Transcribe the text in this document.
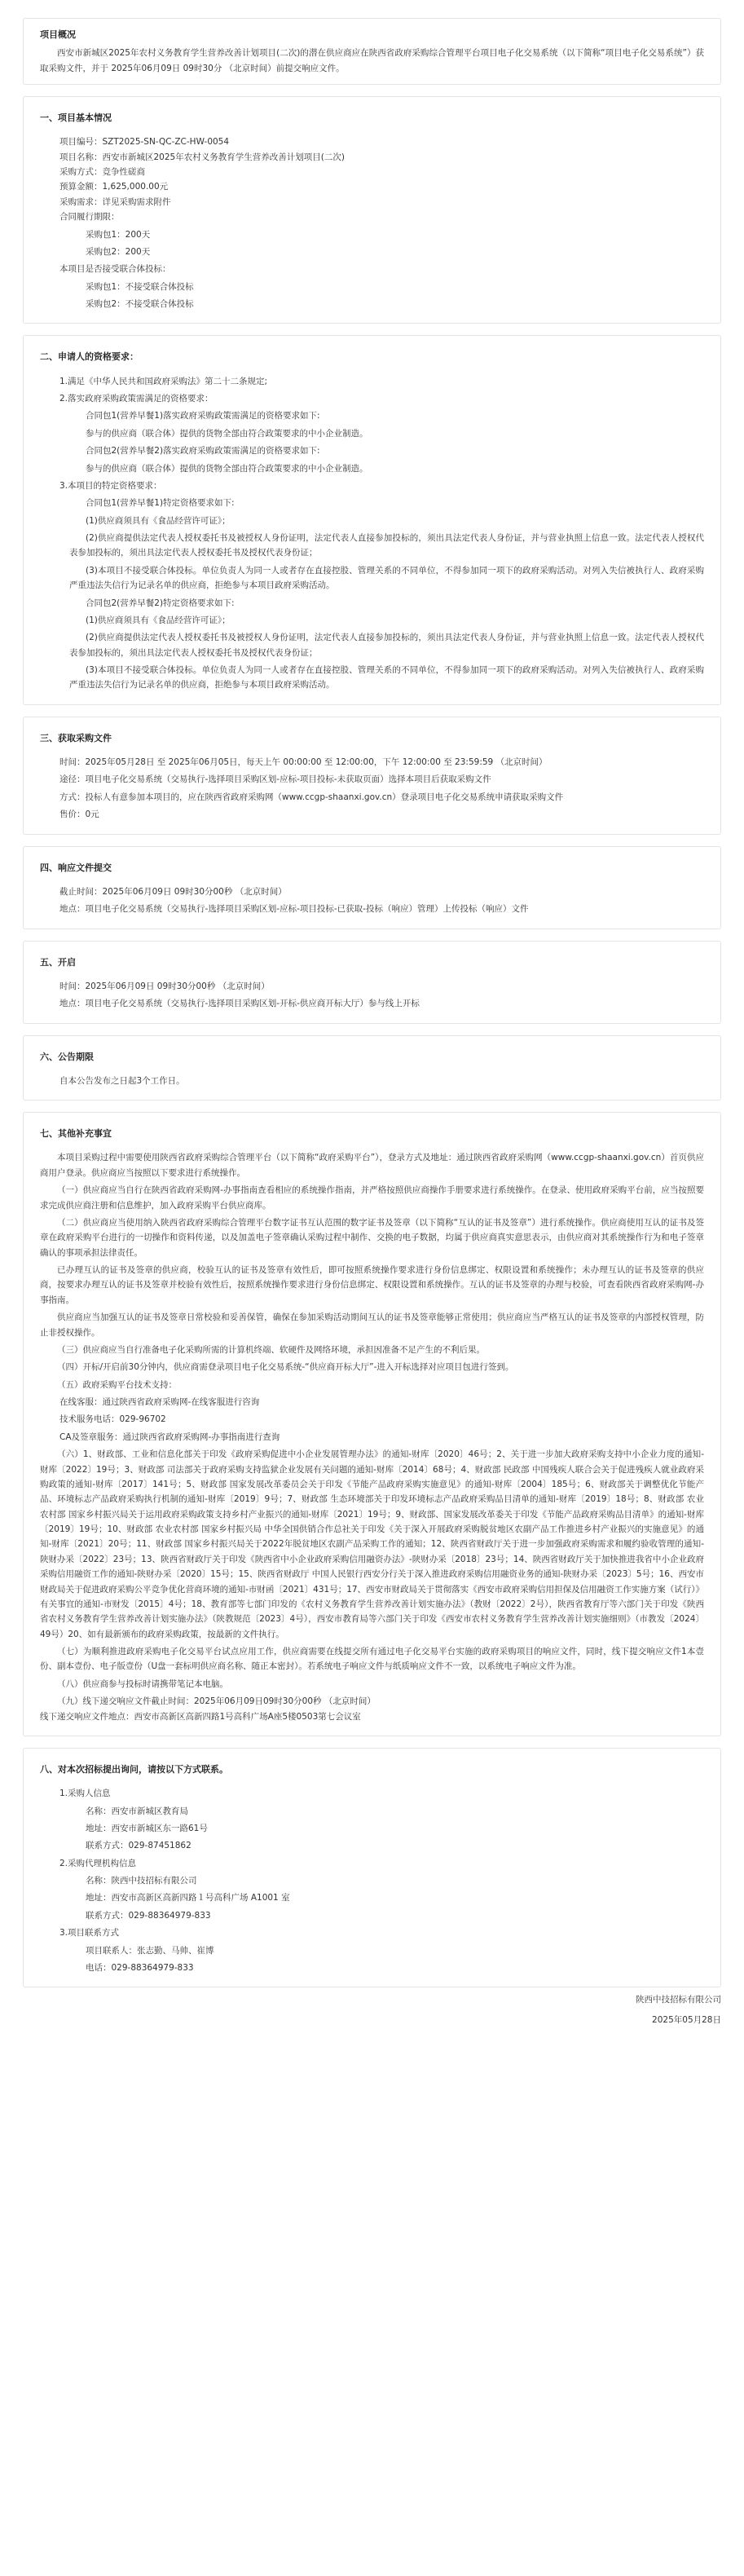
项目概况

西安市新城区2025年农村义务教育学生营养改善计划项目(二次)的潜在供应商应在陕西省政府采购综合管理平台项目电子化交易系统（以下简称“项目电子化交易系统”）获取采购文件，并于 2025年06月09日 09时30分 （北京时间）前提交响应文件。

一、项目基本情况

项目编号：SZT2025-SN-QC-ZC-HW-0054

项目名称：西安市新城区2025年农村义务教育学生营养改善计划项目(二次)

采购方式：竞争性磋商

预算金额：1,625,000.00元

采购需求：详见采购需求附件

合同履行期限：

采购包1：200天

采购包2：200天

本项目是否接受联合体投标：

采购包1：不接受联合体投标

采购包2：不接受联合体投标

二、申请人的资格要求：

1.满足《中华人民共和国政府采购法》第二十二条规定;

2.落实政府采购政策需满足的资格要求：

合同包1(营养早餐1)落实政府采购政策需满足的资格要求如下:

参与的供应商（联合体）提供的货物全部由符合政策要求的中小企业制造。

合同包2(营养早餐2)落实政府采购政策需满足的资格要求如下:

参与的供应商（联合体）提供的货物全部由符合政策要求的中小企业制造。

3.本项目的特定资格要求：

合同包1(营养早餐1)特定资格要求如下:

(1)供应商须具有《食品经营许可证》；

(2)供应商提供法定代表人授权委托书及被授权人身份证明，法定代表人直接参加投标的，须出具法定代表人身份证，并与营业执照上信息一致。法定代表人授权代表参加投标的，须出具法定代表人授权委托书及授权代表身份证；

(3)本项目不接受联合体投标。单位负责人为同一人或者存在直接控股、管理关系的不同单位，不得参加同一项下的政府采购活动。对列入失信被执行人、政府采购严重违法失信行为记录名单的供应商，拒绝参与本项目政府采购活动。

合同包2(营养早餐2)特定资格要求如下:

(1)供应商须具有《食品经营许可证》；

(2)供应商提供法定代表人授权委托书及被授权人身份证明，法定代表人直接参加投标的，须出具法定代表人身份证，并与营业执照上信息一致。法定代表人授权代表参加投标的，须出具法定代表人授权委托书及授权代表身份证；

(3)本项目不接受联合体投标。单位负责人为同一人或者存在直接控股、管理关系的不同单位，不得参加同一项下的政府采购活动。对列入失信被执行人、政府采购严重违法失信行为记录名单的供应商，拒绝参与本项目政府采购活动。

三、获取采购文件

时间：2025年05月28日 至 2025年06月05日，每天上午 00:00:00 至 12:00:00，下午 12:00:00 至 23:59:59 （北京时间）

途径：项目电子化交易系统（交易执行-选择项目采购区划-应标-项目投标-未获取页面）选择本项目后获取采购文件

方式：投标人有意参加本项目的，应在陕西省政府采购网（www.ccgp-shaanxi.gov.cn）登录项目电子化交易系统申请获取采购文件

售价：0元

四、响应文件提交

截止时间：2025年06月09日 09时30分00秒 （北京时间）

地点：项目电子化交易系统（交易执行-选择项目采购区划-应标-项目投标-已获取-投标（响应）管理）上传投标（响应）文件

五、开启

时间：2025年06月09日 09时30分00秒 （北京时间）

地点：项目电子化交易系统（交易执行-选择项目采购区划-开标-供应商开标大厅）参与线上开标

六、公告期限

自本公告发布之日起3个工作日。

七、其他补充事宜

本项目采购过程中需要使用陕西省政府采购综合管理平台（以下简称“政府采购平台”），登录方式及地址：通过陕西省政府采购网（www.ccgp-shaanxi.gov.cn）首页供应商用户登录。供应商应当按照以下要求进行系统操作。

（一）供应商应当自行在陕西省政府采购网-办事指南查看相应的系统操作指南，并严格按照供应商操作手册要求进行系统操作。在登录、使用政府采购平台前，应当按照要求完成供应商注册和信息维护，加入政府采购平台供应商库。

（二）供应商应当使用纳入陕西省政府采购综合管理平台数字证书互认范围的数字证书及签章（以下简称“互认的证书及签章”）进行系统操作。供应商使用互认的证书及签章在政府采购平台进行的一切操作和资料传递，以及加盖电子签章确认采购过程中制作、交换的电子数据，均属于供应商真实意思表示，由供应商对其系统操作行为和电子签章确认的事项承担法律责任。

已办理互认的证书及签章的供应商，校验互认的证书及签章有效性后，即可按照系统操作要求进行身份信息绑定、权限设置和系统操作；未办理互认的证书及签章的供应商，按要求办理互认的证书及签章并校验有效性后，按照系统操作要求进行身份信息绑定、权限设置和系统操作。互认的证书及签章的办理与校验，可查看陕西省政府采购网-办事指南。

供应商应当加强互认的证书及签章日常校验和妥善保管，确保在参加采购活动期间互认的证书及签章能够正常使用；供应商应当严格互认的证书及签章的内部授权管理，防止非授权操作。

（三）供应商应当自行准备电子化采购所需的计算机终端、软硬件及网络环境，承担因准备不足产生的不利后果。

（四）开标/开启前30分钟内，供应商需登录项目电子化交易系统-“供应商开标大厅”-进入开标选择对应项目包进行签到。

（五）政府采购平台技术支持：

在线客服：通过陕西省政府采购网-在线客服进行咨询

技术服务电话：029-96702

CA及签章服务：通过陕西省政府采购网-办事指南进行查询

（六）1、财政部、工业和信息化部关于印发《政府采购促进中小企业发展管理办法》的通知-财库〔2020〕46号；2、关于进一步加大政府采购支持中小企业力度的通知-财库〔2022〕19号；3、财政部 司法部关于政府采购支持监狱企业发展有关问题的通知-财库〔2014〕68号；4、财政部 民政部 中国残疾人联合会关于促进残疾人就业政府采购政策的通知-财库〔2017〕141号；5、财政部 国家发展改革委员会关于印发《节能产品政府采购实施意见》的通知-财库〔2004〕185号；6、财政部关于调整优化节能产品、环境标志产品政府采购执行机制的通知-财库〔2019〕9号；7、财政部 生态环境部关于印发环境标志产品政府采购品目清单的通知-财库〔2019〕18号；8、财政部 农业农村部 国家乡村振兴局关于运用政府采购政策支持乡村产业振兴的通知-财库〔2021〕19号；9、财政部、国家发展改革委关于印发《节能产品政府采购品目清单》的通知-财库〔2019〕19号；10、财政部 农业农村部 国家乡村振兴局 中华全国供销合作总社关于印发《关于深入开展政府采购脱贫地区农副产品工作推进乡村产业振兴的实施意见》的通知-财库〔2021〕20号；11、财政部 国家乡村振兴局关于2022年脱贫地区农副产品采购工作的通知；12、陕西省财政厅关于进一步加强政府采购需求和履约验收管理的通知-陕财办采〔2022〕23号；13、陕西省财政厅关于印发《陕西省中小企业政府采购信用融资办法》-陕财办采〔2018〕23号；14、陕西省财政厅关于加快推进我省中小企业政府采购信用融资工作的通知-陕财办采〔2020〕15号；15、陕西省财政厅 中国人民银行西安分行关于深入推进政府采购信用融资业务的通知-陕财办采〔2023〕5号；16、西安市财政局关于促进政府采购公平竞争优化营商环境的通知-市财函〔2021〕431号；17、西安市财政局关于贯彻落实《西安市政府采购信用担保及信用融资工作实施方案（试行）》有关事宜的通知-市财发〔2015〕4号；18、教育部等七部门印发的《农村义务教育学生营养改善计划实施办法》（教财〔2022〕2号），陕西省教育厅等六部门关于印发《陕西省农村义务教育学生营养改善计划实施办法》（陕教规范〔2023〕4号），西安市教育局等六部门关于印发《西安市农村义务教育学生营养改善计划实施细则》（市教发〔2024〕49号）20、如有最新颁布的政府采购政策，按最新的文件执行。

（七）为顺利推进政府采购电子化交易平台试点应用工作，供应商需要在线提交所有通过电子化交易平台实施的政府采购项目的响应文件，同时，线下提交响应文件1本壹份、副本壹份、电子版壹份（U盘一套标明供应商名称、随正本密封）。若系统电子响应文件与纸质响应文件不一致，以系统电子响应文件为准。

（八）供应商参与投标时请携带笔记本电脑。

（九）线下递交响应文件截止时间：2025年06月09日09时30分00秒 （北京时间）

线下递交响应文件地点：西安市高新区高新四路1号高科广场A座5楼0503第七会议室

八、对本次招标提出询问，请按以下方式联系。

1.采购人信息

名称：西安市新城区教育局

地址：西安市新城区东一路61号

联系方式：029-87451862

2.采购代理机构信息

名称：陕西中技招标有限公司

地址：西安市高新区高新四路１号高科广场 A1001 室

联系方式：029-88364979-833

3.项目联系方式

项目联系人：张志勤、马帅、崔博

电话：029-88364979-833

陕西中技招标有限公司
2025年05月28日
